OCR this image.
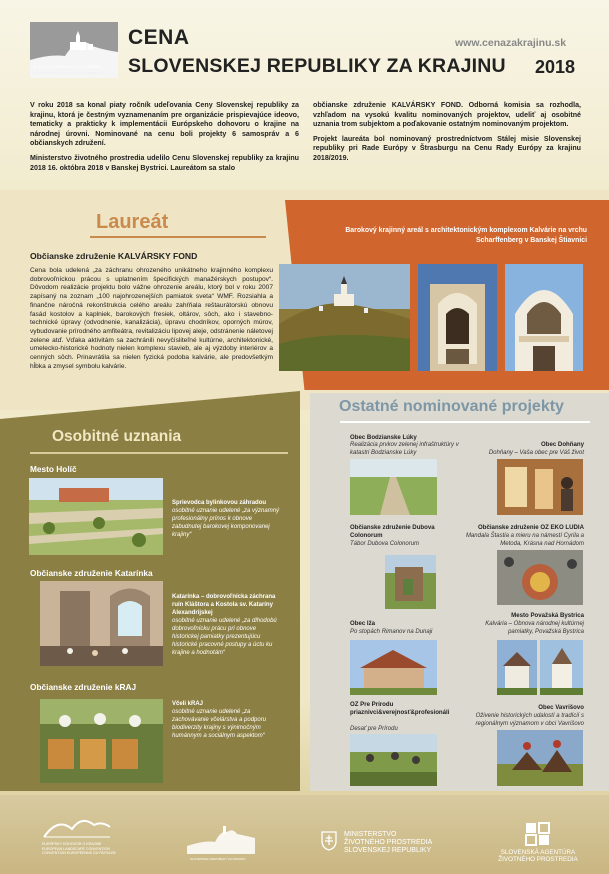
SLOVENSKEJ REPUBLIKY ZA KRAJINU
LANDSCAPE AWARD OF THE SLOVAK REPUBLIC
CENA
SLOVENSKEJ REPUBLIKY ZA KRAJINU 2018
www.cenazakrajinu.sk

V roku 2018 sa konal piaty ročník udeľovania Ceny Slovenskej republiky za krajinu, ktorá je čestným vyznamenaním pre organizácie prispievajúce ideovo, tematicky a prakticky k implementácii Európskeho dohovoru o krajine na národnej úrovni. Nominované na cenu boli projekty 6 samospráv a 6 občianskych združení.

Ministerstvo životného prostredia udelilo Cenu Slovenskej republiky za krajinu 2018 16. októbra 2018 v Banskej Bystrici. Laureátom sa stalo

občianske združenie KALVÁRSKY FOND. Odborná komisia sa rozhodla, vzhľadom na vysokú kvalitu nominovaných projektov, udeliť aj osobitné uznania trom subjektom a poďakovanie ostatným nominovaným projektom.

Projekt laureáta bol nominovaný prostredníctvom Stálej misie Slovenskej republiky pri Rade Európy v Štrasburgu na Cenu Rady Európy za krajinu 2018/2019.

Laureát
Občianske združenie KALVÁRSKY FOND
Cena bola udelená „za záchranu ohrozeného unikátneho krajinného komplexu dobrovoľníckou prácou s uplatnením špecifických manažérskych postupov“. Dôvodom realizácie projektu bolo vážne ohrozenie areálu, ktorý bol v roku 2007 zapísaný na zoznam „100 najohrozenejších pamiatok sveta“ WMF. Rozsiahla a finančne náročná rekonštrukcia celého areálu zahŕňala reštaurátorskú obnovu fasád kostolov a kaplniek, barokových fresiek, oltárov, sôch, ako i stavebno-technické úpravy (odvodnenie, kanalizácia), úpravu chodníkov, oporných múrov, vybudovanie prírodného amfiteátra, revitalizáciu lipovej aleje, odstránenie náletovej zelene atď. Vďaka aktivitám sa zachránili nevyčísliteľné kultúrne, architektonické, umelecko-historické hodnoty nielen komplexu stavieb, ale aj výzdoby interiérov a cenných sôch. Prinavrátila sa nielen fyzická podoba kalvárie, ale predovšetkým hĺbka a zmysel symbolu kalvárie.
Barokový krajinný areál s architektonickým komplexom Kalvárie na vrchu Scharffenberg v Banskej Štiavnici
Osobitné uznania
Mesto Holíč
Sprievodca bylinkovou záhradou
osobitné uznanie udelené „za významný profesionálny prínos k obnove zabudnutej barokovej komponovanej krajiny“
Občianske združenie Katarínka
Katarínka – dobrovoľnícka záchrana ruín Kláštora a Kostola sv. Kataríny Alexandrijskej
osobitné uznanie udelené „za dlhodobú dobrovoľnícku prácu pri obnove historickej pamiatky prezentujúcu historické pracovné postupy a úctu ku krajine a hodnotám“
Občianske združenie kRAJ
Včeli kRAJ
osobitné uznanie udelené „za zachovávanie včelárstva a podporu biodiverzity krajiny s výnimočným humánnym a sociálnym aspektom“
Ostatné nominované projekty
Obec Bodzianske Lúky
Realizácia prvkov zelenej infraštruktúry v katastri Bodzianske Lúky
Obec Dohňany
Dohňany – Vaša obec pre Váš život
Občianske združenie Dubova Colonorum
Tábor Dubova Colonorum
Občianske združenie OZ EKO LUDIA
Mandala Štastia a mieru na námestí Cyrila a Metoda, Krásna nad Hornádom
Mesto Považská Bystrica
Kalvária – Obnova národnej kultúrnej pamiatky, Považská Bystrica
Obec Iža
Po stopách Rimanov na Dunaji
OZ Pre Prírodu priaznivci&verejnosť&profesionáli
Desať pre Prírodu
Obec Vavrišovo
Oživenie historických udalostí a tradícií s regionálnym významom v obci Vavrišovo
EURÓPSKY DOHOVOR O KRAJINE
EUROPEAN LANDSCAPE CONVENTION
CONVENTION EUROPÉENNE DU PAYSAGE
SLOVENSKEJ REPUBLIKY ZA KRAJINU
MINISTERSTVO
ŽIVOTNÉHO PROSTREDIA
SLOVENSKEJ REPUBLIKY	SLOVENSKÁ AGENTÚRA
ŽIVOTNÉHO PROSTREDIA
